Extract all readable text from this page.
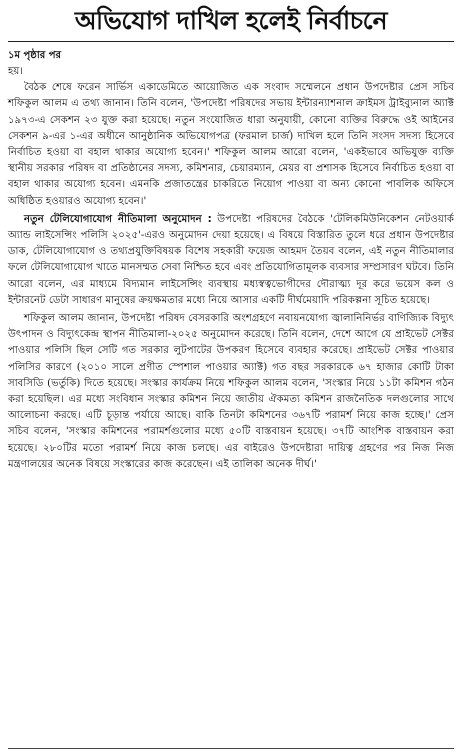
অভিযোগ দাখিল হলেই নির্বাচনে

১ম পৃষ্ঠার পর

হয়।

বৈঠক শেষে ফরেন সার্ভিস একাডেমিতে আয়োজিত এক সংবাদ সম্মেলনে প্রধান উপদেষ্টার প্রেস সচিব শফিকুল আলম এ তথ্য জানান। তিনি বলেন, 'উপদেষ্টা পরিষদের সভায় ইন্টারন্যাশনাল ক্রাইমস ট্রাইব্যুনাল অ্যাক্ট ১৯৭৩-এ সেকশন ২৩ যুক্ত করা হয়েছে। নতুন সংযোজিত ধারা অনুযায়ী, কোনো ব্যক্তির বিরুদ্ধে ওই আইনের সেকশন ৯-এর ১-এর অধীনে আনুষ্ঠানিক অভিযোগপত্র (ফরমাল চার্জ) দাখিল হলে তিনি সংসদ সদস্য হিসেবে নির্বাচিত হওয়া বা বহাল থাকার অযোগ্য হবেন।' শফিকুল আলম আরো বলেন, 'একইভাবে অভিযুক্ত ব্যক্তি স্থানীয় সরকার পরিষদ বা প্রতিষ্ঠানের সদস্য, কমিশনার, চেয়ারম্যান, মেয়র বা প্রশাসক হিসেবে নির্বাচিত হওয়া বা বহাল থাকার অযোগ্য হবেন। এমনকি প্রজাতন্ত্রের চাকরিতে নিয়োগ পাওয়া বা অন্য কোনো পাবলিক অফিসে অধিষ্ঠিত হওয়ারও অযোগ্য হবেন।'

নতুন টেলিযোগাযোগ নীতিমালা অনুমোদন : উপদেষ্টা পরিষদের বৈঠকে 'টেলিকমিউনিকেশন নেটওয়ার্ক অ্যান্ড লাইসেন্সিং পলিসি ২০২৫'-এরও অনুমোদন দেয়া হয়েছে। এ বিষয়ে বিস্তারিত তুলে ধরে প্রধান উপদেষ্টার ডাক, টেলিযোগাযোগ ও তথ্যপ্রযুক্তিবিষয়ক বিশেষ সহকারী ফয়েজ আহমদ তৈয়ব বলেন, এই নতুন নীতিমালার ফলে টেলিযোগাযোগ খাতে মানসম্মত সেবা নিশ্চিত হবে এবং প্রতিযোগিতামূলক ব্যবসার সম্প্রসারণ ঘটবে। তিনি আরো বলেন, এর মাধ্যমে বিদ্যমান লাইসেন্সিং ব্যবস্থায় মধ্যস্বত্বভোগীদের দৌরাত্ম্য দূর করে ভয়েস কল ও ইন্টারনেট ডেটা সাধারণ মানুষের ক্রয়ক্ষমতার মধ্যে নিয়ে আসার একটি দীর্ঘমেয়াদি পরিকল্পনা সূচিত হয়েছে।

শফিকুল আলম জানান, উপদেষ্টা পরিষদ বেসরকারি অংশগ্রহণে নবায়নযোগ্য জ্বালানিনির্ভর বাণিজ্যিক বিদ্যুৎ উৎপাদন ও বিদ্যুৎকেন্দ্র স্থাপন নীতিমালা-২০২৫ অনুমোদন করেছে। তিনি বলেন, দেশে আগে যে প্রাইভেট সেক্টর পাওয়ার পলিসি ছিল সেটি গত সরকার লুটপাটের উপকরণ হিসেবে ব্যবহার করেছে। প্রাইভেট সেক্টর পাওয়ার পলিসির কারণে (২০১০ সালে প্রণীত স্পেশাল পাওয়ার অ্যাক্ট) গত বছর সরকারকে ৬৭ হাজার কোটি টাকা সাবসিডি (ভর্তুকি) দিতে হয়েছে। সংস্কার কার্যক্রম নিয়ে শফিকুল আলম বলেন, 'সংস্কার নিয়ে ১১টা কমিশন গঠন করা হয়েছিল। এর মধ্যে সংবিধান সংস্কার কমিশন নিয়ে জাতীয় ঐকমত্য কমিশন রাজনৈতিক দলগুলোর সাথে আলোচনা করছে। এটি চূড়ান্ত পর্যায়ে আছে। বাকি তিনটা কমিশনের ৩৬৭টি পরামর্শ নিয়ে কাজ হচ্ছে।' প্রেস সচিব বলেন, 'সংস্কার কমিশনের পরামর্শগুলোর মধ্যে ৫০টি বাস্তবায়ন হয়েছে। ৩৭টি আংশিক বাস্তবায়ন করা হয়েছে। ২৮০টির মতো পরামর্শ নিয়ে কাজ চলছে। এর বাইরেও উপদেষ্টারা দায়িত্ব গ্রহণের পর নিজ নিজ মন্ত্রণালয়ের অনেক বিষয়ে সংস্কারের কাজ করেছেন। এই তালিকা অনেক দীর্ঘ।'
